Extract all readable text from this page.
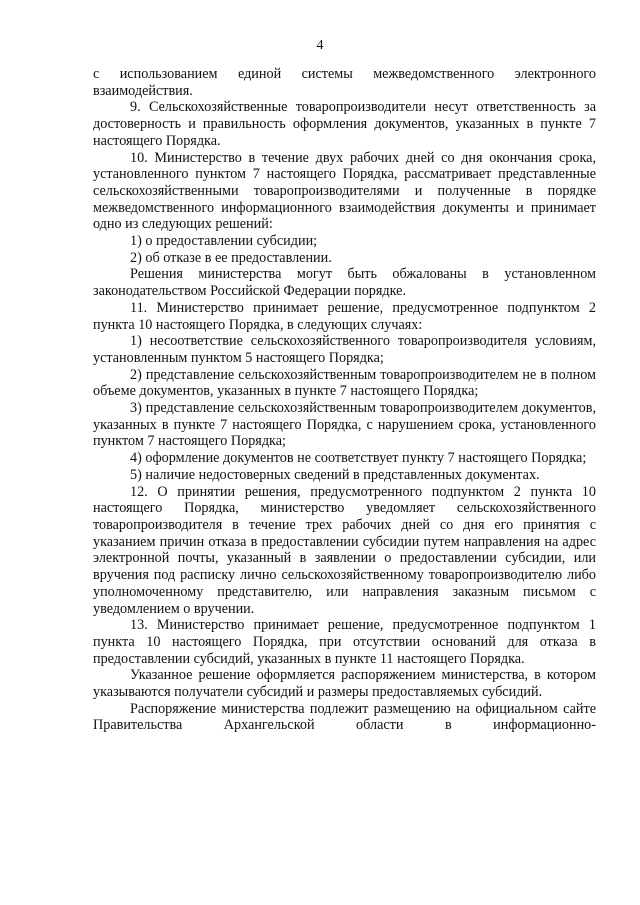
4

с использованием единой системы межведомственного электронного взаимодействия.

9. Сельскохозяйственные товаропроизводители несут ответственность за достоверность и правильность оформления документов, указанных в пункте 7 настоящего Порядка.

10. Министерство в течение двух рабочих дней со дня окончания срока, установленного пунктом 7 настоящего Порядка, рассматривает представленные сельскохозяйственными товаропроизводителями и полученные в порядке межведомственного информационного взаимодействия документы и принимает одно из следующих решений:

1) о предоставлении субсидии;

2) об отказе в ее предоставлении.

Решения министерства могут быть обжалованы в установленном законодательством Российской Федерации порядке.

11. Министерство принимает решение, предусмотренное подпунктом 2 пункта 10 настоящего Порядка, в следующих случаях:

1) несоответствие сельскохозяйственного товаропроизводителя условиям, установленным пунктом 5 настоящего Порядка;

2) представление сельскохозяйственным товаропроизводителем не в полном объеме документов, указанных в пункте 7 настоящего Порядка;

3) представление сельскохозяйственным товаропроизводителем документов, указанных в пункте 7 настоящего Порядка, с нарушением срока, установленного пунктом 7 настоящего Порядка;

4) оформление документов не соответствует пункту 7 настоящего Порядка;

5) наличие недостоверных сведений в представленных документах.

12. О принятии решения, предусмотренного подпунктом 2 пункта 10 настоящего Порядка, министерство уведомляет сельскохозяйственного товаропроизводителя в течение трех рабочих дней со дня его принятия с указанием причин отказа в предоставлении субсидии путем направления на адрес электронной почты, указанный в заявлении о предоставлении субсидии, или вручения под расписку лично сельскохозяйственному товаропроизводителю либо уполномоченному представителю, или направления заказным письмом с уведомлением о вручении.

13. Министерство принимает решение, предусмотренное подпунктом 1 пункта 10 настоящего Порядка, при отсутствии оснований для отказа в предоставлении субсидий, указанных в пункте 11 настоящего Порядка.

Указанное решение оформляется распоряжением министерства, в котором указываются получатели субсидий и размеры предоставляемых субсидий.

Распоряжение министерства подлежит размещению на официальном сайте Правительства Архангельской области в информационно-
